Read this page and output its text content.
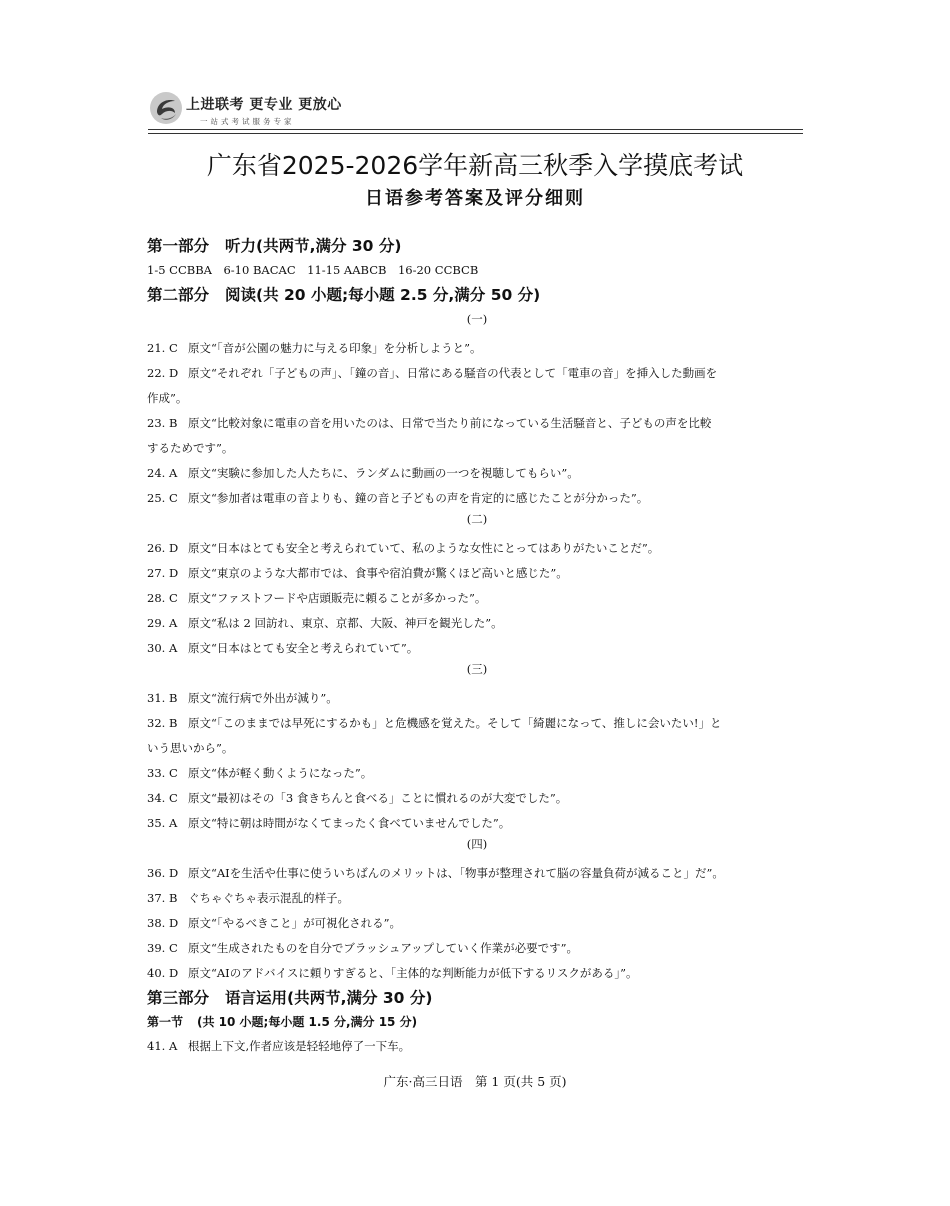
上进联考 更专业 更放心
一站式考试服务专家
广东省2025-2026学年新高三秋季入学摸底考试
日语参考答案及评分细则
第一部分 听力(共两节,满分 30 分)
1-5 CCBBA　6-10 BACAC　11-15 AABCB　16-20 CCBCB
第二部分 阅读(共 20 小题;每小题 2.5 分,满分 50 分)
(一)
21. C 原文“「音が公園の魅力に与える印象」を分析しようと”。
22. D 原文“それぞれ「子どもの声」、「鐘の音」、日常にある騒音の代表として「電車の音」を挿入した動画を
作成”。
23. B 原文“比較対象に電車の音を用いたのは、日常で当たり前になっている生活騒音と、子どもの声を比較
するためです”。
24. A 原文“実験に参加した人たちに、ランダムに動画の一つを視聴してもらい”。
25. C 原文“参加者は電車の音よりも、鐘の音と子どもの声を肯定的に感じたことが分かった”。
(二)
26. D 原文“日本はとても安全と考えられていて、私のような女性にとってはありがたいことだ”。
27. D 原文“東京のような大都市では、食事や宿泊費が驚くほど高いと感じた”。
28. C 原文“ファストフードや店頭販売に頼ることが多かった”。
29. A 原文“私は 2 回訪れ、東京、京都、大阪、神戸を観光した”。
30. A 原文“日本はとても安全と考えられていて”。
(三)
31. B 原文“流行病で外出が減り”。
32. B 原文“「このままでは早死にするかも」と危機感を覚えた。そして「綺麗になって、推しに会いたい!」と
いう思いから”。
33. C 原文“体が軽く動くようになった”。
34. C 原文“最初はその「3 食きちんと食べる」ことに慣れるのが大変でした”。
35. A 原文“特に朝は時間がなくてまったく食べていませんでした”。
(四)
36. D 原文“AIを生活や仕事に使ういちばんのメリットは、「物事が整理されて脳の容量負荷が減ること」だ”。
37. B ぐちゃぐちゃ表示混乱的样子。
38. D 原文“「やるべきこと」が可視化される”。
39. C 原文“生成されたものを自分でブラッシュアップしていく作業が必要です”。
40. D 原文“AIのアドバイスに頼りすぎると、「主体的な判断能力が低下するリスクがある」”。
第三部分 语言运用(共两节,满分 30 分)
第一节 (共 10 小题;每小题 1.5 分,满分 15 分)
41. A 根据上下文,作者应该是轻轻地停了一下车。
广东·高三日语　第 1 页(共 5 页)
